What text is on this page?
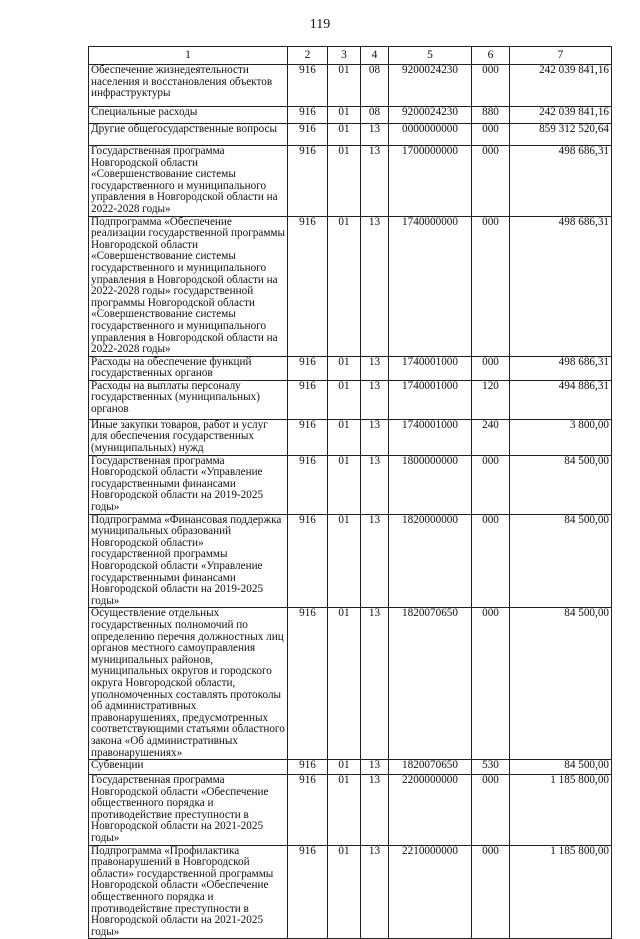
119
1	2	3	4	5	6	7
Обеспечение жизнедеятельности населения и восстановления объектов инфраструктуры	916	01	08	9200024230	000	242 039 841,16
Специальные расходы	916	01	08	9200024230	880	242 039 841,16
Другие общегосударственные вопросы	916	01	13	0000000000	000	859 312 520,64
Государственная программа Новгородской области «Совершенствование системы государственного и муниципального управления в Новгородской области на 2022-2028 годы»	916	01	13	1700000000	000	498 686,31
Подпрограмма «Обеспечение реализации государственной программы Новгородской области «Совершенствование системы государственного и муниципального управления в Новгородской области на 2022-2028 годы» государственной программы Новгородской области «Совершенствование системы государственного и муниципального управления в Новгородской области на 2022-2028 годы»	916	01	13	1740000000	000	498 686,31
Расходы на обеспечение функций государственных органов	916	01	13	1740001000	000	498 686,31
Расходы на выплаты персоналу государственных (муниципальных) органов	916	01	13	1740001000	120	494 886,31
Иные закупки товаров, работ и услуг для обеспечения государственных (муниципальных) нужд	916	01	13	1740001000	240	3 800,00
Государственная программа Новгородской области «Управление государственными финансами Новгородской области на 2019-2025 годы»	916	01	13	1800000000	000	84 500,00
Подпрограмма «Финансовая поддержка муниципальных образований Новгородской области» государственной программы Новгородской области «Управление государственными финансами Новгородской области на 2019-2025 годы»	916	01	13	1820000000	000	84 500,00
Осуществление отдельных государственных полномочий по определению перечня должностных лиц органов местного самоуправления муниципальных районов, муниципальных округов и городского округа Новгородской области, уполномоченных составлять протоколы об административных правонарушениях, предусмотренных соответствующими статьями областного закона «Об административных правонарушениях»	916	01	13	1820070650	000	84 500,00
Субвенции	916	01	13	1820070650	530	84 500,00
Государственная программа Новгородской области «Обеспечение общественного порядка и противодействие преступности в Новгородской области на 2021-2025 годы»	916	01	13	2200000000	000	1 185 800,00
Подпрограмма «Профилактика правонарушений в Новгородской области» государственной программы Новгородской области «Обеспечение общественного порядка и противодействие преступности в Новгородской области на 2021-2025 годы»	916	01	13	2210000000	000	1 185 800,00
